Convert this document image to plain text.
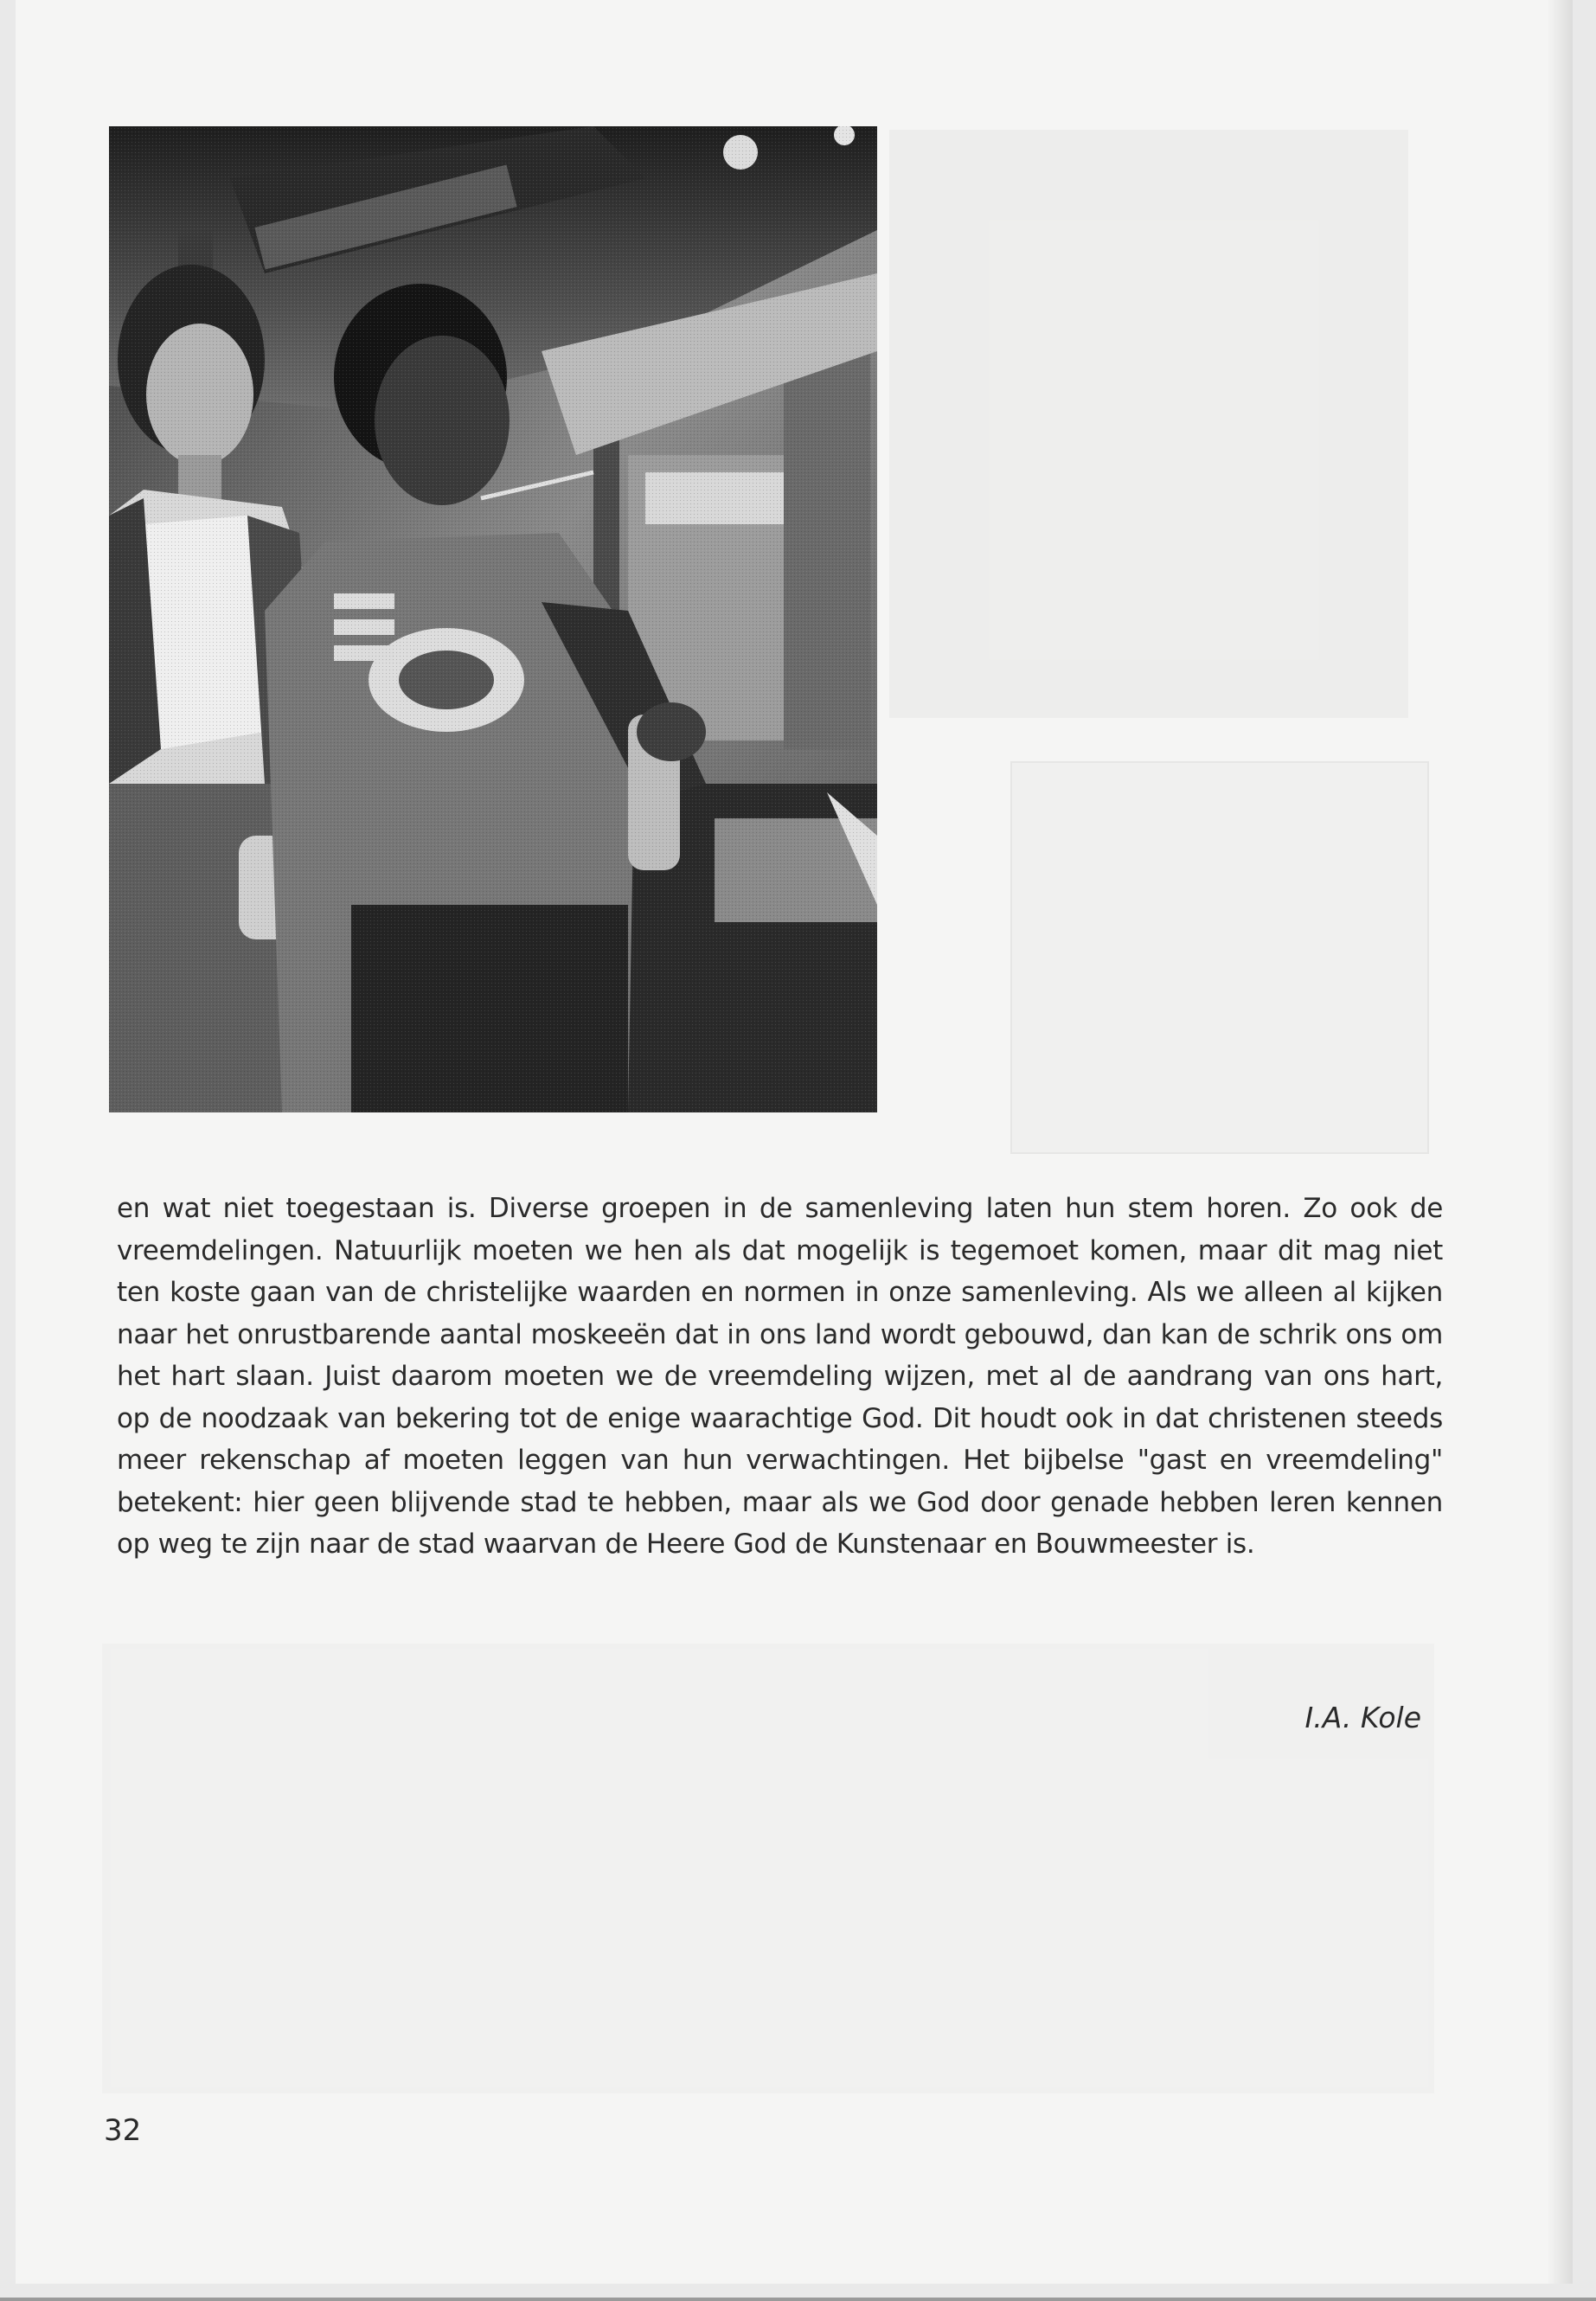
en wat niet toegestaan is. Diverse groepen in de samenleving laten hun stem horen. Zo ook de vreemdelingen. Natuurlijk moeten we hen als dat mogelijk is tegemoet komen, maar dit mag niet ten koste gaan van de christelijke waarden en normen in onze samenleving. Als we alleen al kijken naar het onrustbarende aantal moskeeën dat in ons land wordt gebouwd, dan kan de schrik ons om het hart slaan. Juist daarom moeten we de vreemdeling wijzen, met al de aandrang van ons hart, op de noodzaak van bekering tot de enige waarachtige God. Dit houdt ook in dat christenen steeds meer rekenschap af moeten leggen van hun verwachtingen. Het bijbelse "gast en vreemdeling" betekent: hier geen blijvende stad te hebben, maar als we God door genade hebben leren kennen op weg te zijn naar de stad waarvan de Heere God de Kunstenaar en Bouwmeester is.

I.A. Kole

32
